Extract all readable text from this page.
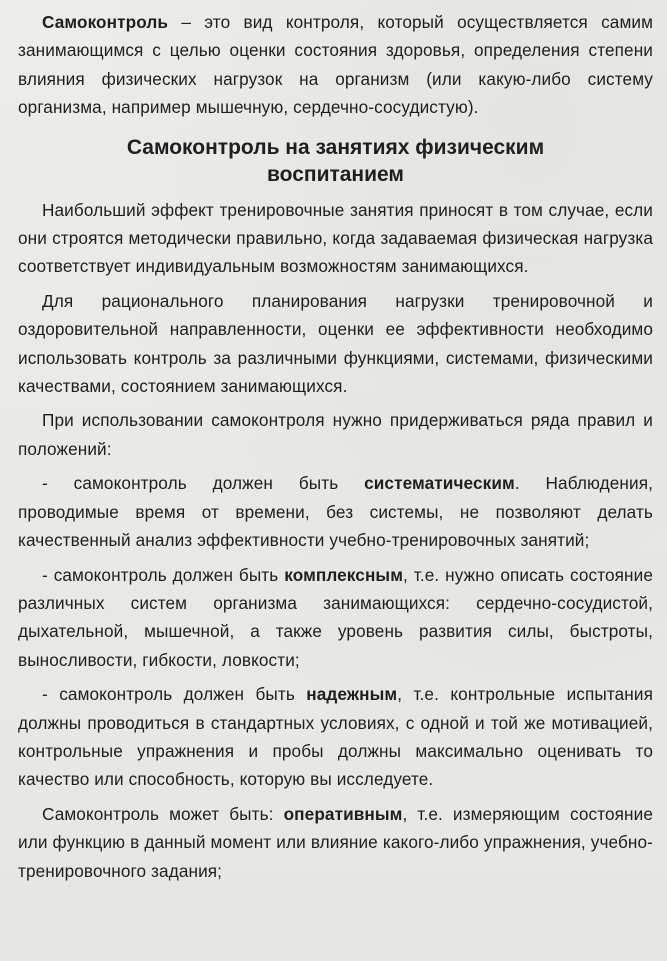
Самоконтроль – это вид контроля, который осуществляется самим занимающимся с целью оценки состояния здоровья, определения степени влияния физических нагрузок на организм (или какую-либо систему организма, например мышечную, сердечно-сосудистую).

Самоконтроль на занятиях физическим
воспитанием

Наибольший эффект тренировочные занятия приносят в том случае, если они строятся методически правильно, когда задаваемая физическая нагрузка соответствует индивидуальным возможностям занимающихся.

Для рационального планирования нагрузки тренировочной и оздоровительной направленности, оценки ее эффективности необходимо использовать контроль за различными функциями, системами, физическими качествами, состоянием занимающихся.

При использовании самоконтроля нужно придерживаться ряда правил и положений:

- самоконтроль должен быть систематическим. Наблюдения, проводимые время от времени, без системы, не позволяют делать качественный анализ эффективности учебно-тренировочных занятий;

- самоконтроль должен быть комплексным, т.е. нужно описать состояние различных систем организма занимающихся: сердечно-сосудистой, дыхательной, мышечной, а также уровень развития силы, быстроты, выносливости, гибкости, ловкости;

- самоконтроль должен быть надежным, т.е. контрольные испытания должны проводиться в стандартных условиях, с одной и той же мотивацией, контрольные упражнения и пробы должны максимально оценивать то качество или способность, которую вы исследуете.

Самоконтроль может быть: оперативным, т.е. измеряющим состояние или функцию в данный момент или влияние какого-либо упражнения, учебно-тренировочного задания;
